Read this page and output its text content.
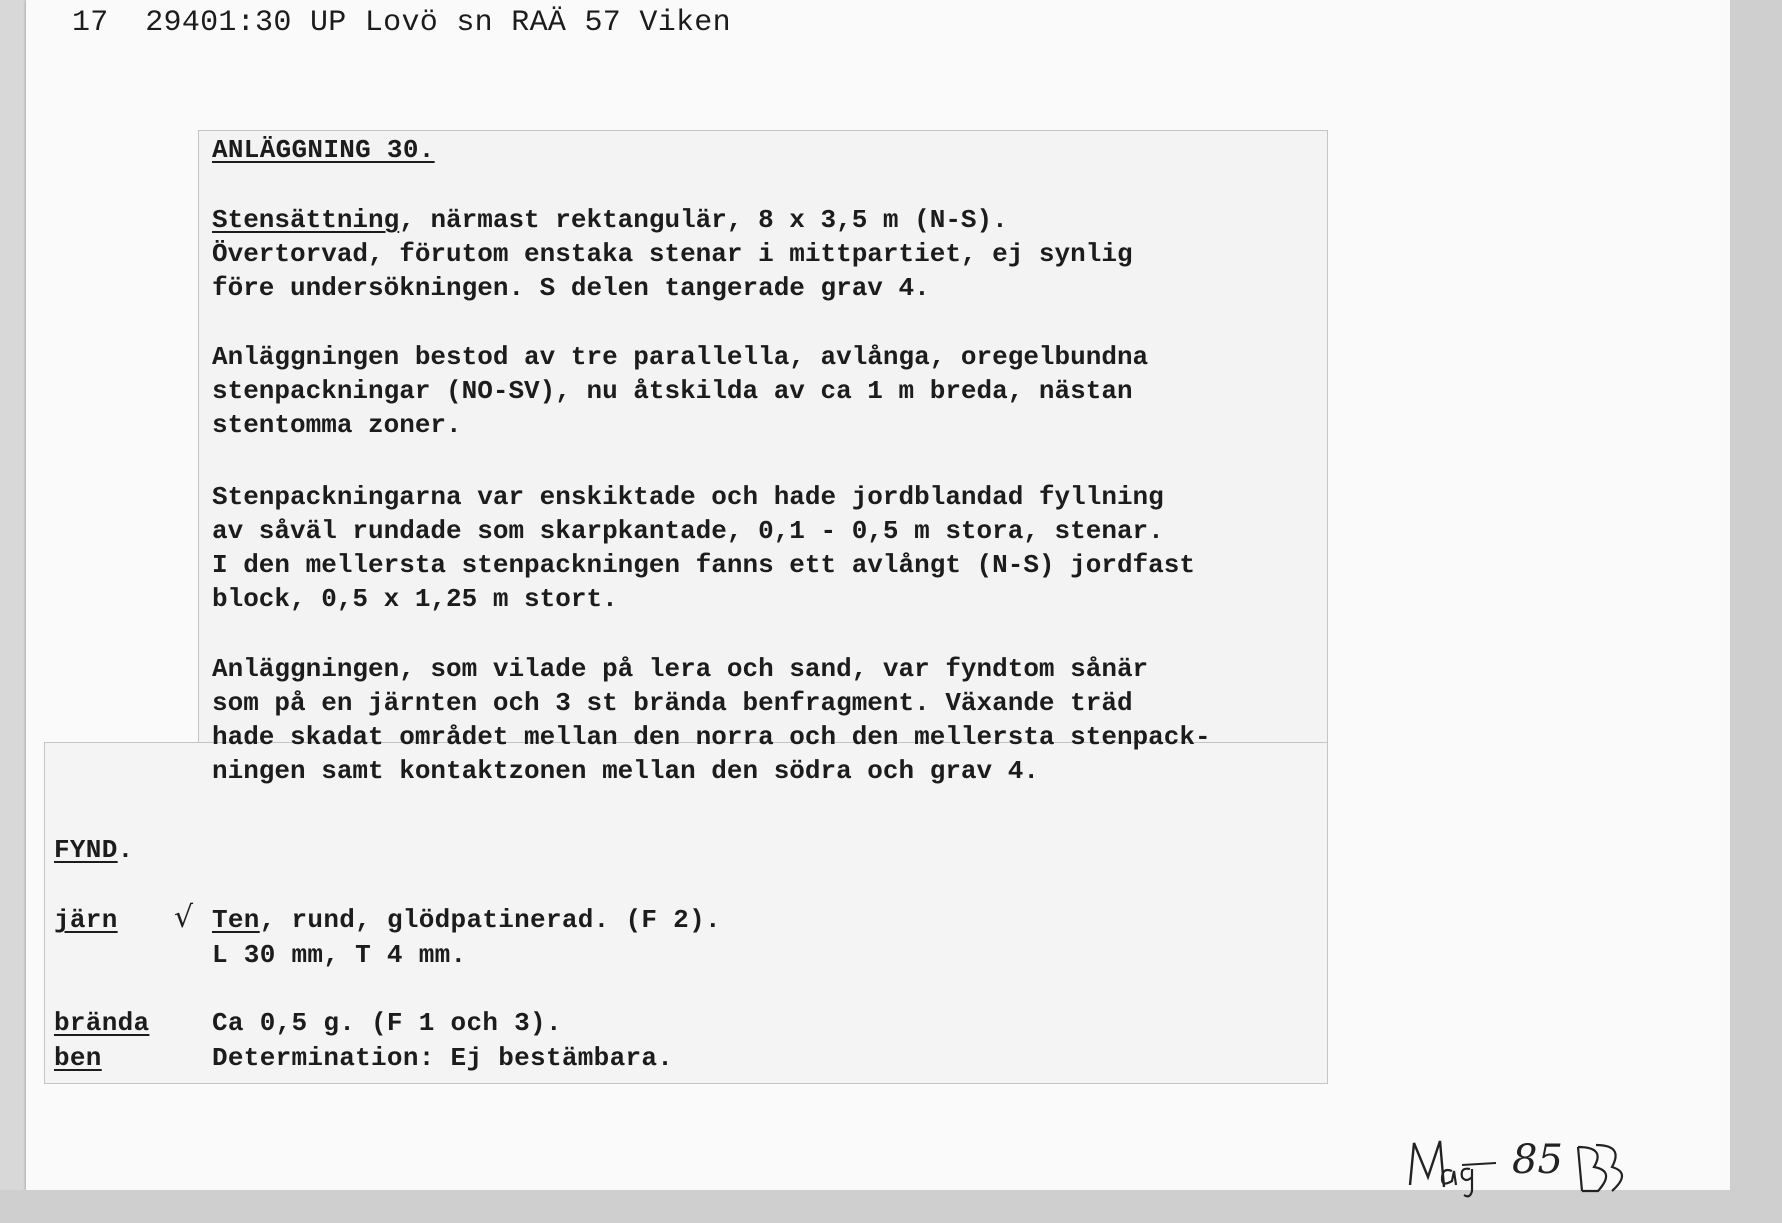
17  29401:30 UP Lovö sn RAÄ 57 Viken
ANLÄGGNING 30.
Stensättning, närmast rektangulär, 8 x 3,5 m (N-S).
Övertorvad, förutom enstaka stenar i mittpartiet, ej synlig
före undersökningen. S delen tangerade grav 4.
Anläggningen bestod av tre parallella, avlånga, oregelbundna
stenpackningar (NO-SV), nu åtskilda av ca 1 m breda, nästan
stentomma zoner.
Stenpackningarna var enskiktade och hade jordblandad fyllning
av såväl rundade som skarpkantade, 0,1 - 0,5 m stora, stenar.
I den mellersta stenpackningen fanns ett avlångt (N-S) jordfast
block, 0,5 x 1,25 m stort.
Anläggningen, som vilade på lera och sand, var fyndtom sånär
som på en järnten och 3 st brända benfragment. Växande träd
hade skadat området mellan den norra och den mellersta stenpack-
ningen samt kontaktzonen mellan den södra och grav 4.
FYND.
järn √ Ten, rund, glödpatinerad. (F 2).
L 30 mm, T 4 mm.
brända
ben
Ca 0,5 g. (F 1 och 3).
Determination: Ej bestämbara.
85
